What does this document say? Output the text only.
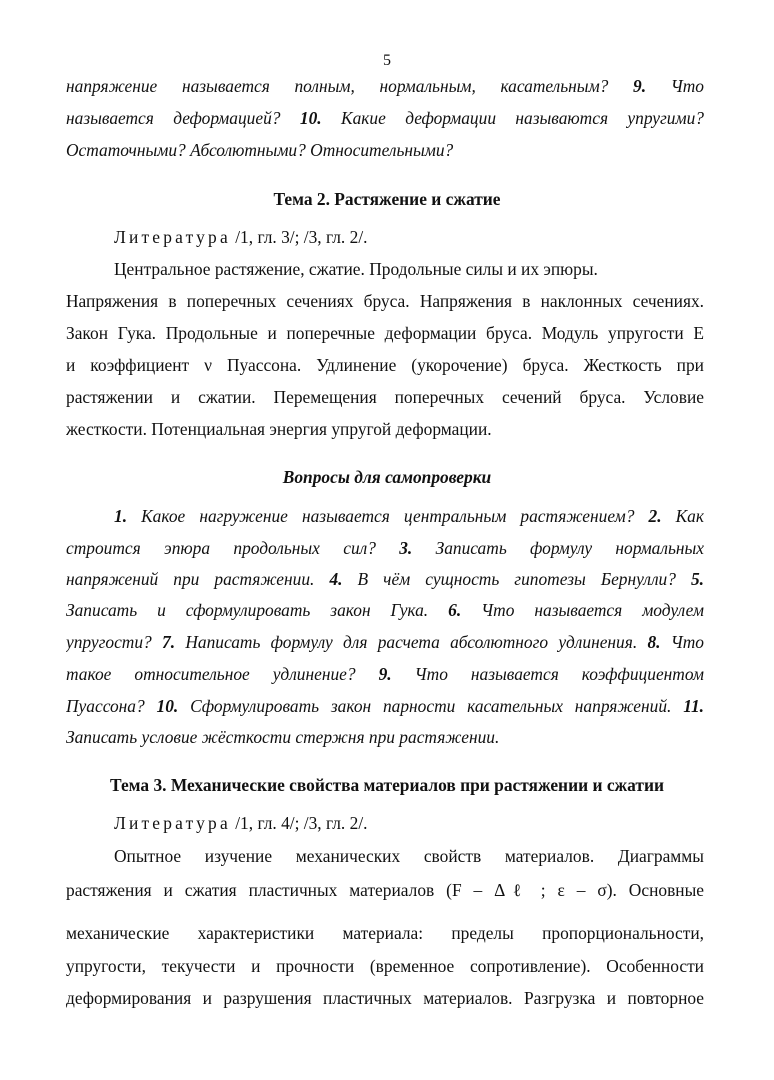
5
напряжение называется полным, нормальным, касательным? 9. Что
называется деформацией? 10. Какие деформации называются упругими?
Остаточными? Абсолютными? Относительными?
Тема 2. Растяжение и сжатие
Литература /1, гл. 3/; /3, гл. 2/.
Центральное растяжение, сжатие. Продольные силы и их эпюры.
Напряжения в поперечных сечениях бруса. Напряжения в наклонных сечениях.
Закон Гука. Продольные и поперечные деформации бруса. Модуль упругости E
и коэффициент ν Пуассона. Удлинение (укорочение) бруса. Жесткость при
растяжении и сжатии. Перемещения поперечных сечений бруса. Условие
жесткости. Потенциальная энергия упругой деформации.
Вопросы для самопроверки
1. Какое нагружение называется центральным растяжением? 2. Как
строится эпюра продольных сил? 3. Записать формулу нормальных
напряжений при растяжении. 4. В чём сущность гипотезы Бернулли? 5.
Записать и сформулировать закон Гука. 6. Что называется модулем
упругости? 7. Написать формулу для расчета абсолютного удлинения. 8. Что
такое относительное удлинение? 9. Что называется коэффициентом
Пуассона? 10. Сформулировать закон парности касательных напряжений. 11.
Записать условие жёсткости стержня при растяжении.
Тема 3. Механические свойства материалов при растяжении и сжатии
Литература /1, гл. 4/; /3, гл. 2/.
Опытное изучение механических свойств материалов. Диаграммы
растяжения и сжатия пластичных материалов (F – Δℓ ; ε – σ). Основные
механические характеристики материала: пределы пропорциональности,
упругости, текучести и прочности (временное сопротивление). Особенности
деформирования и разрушения пластичных материалов. Разгрузка и повторное
